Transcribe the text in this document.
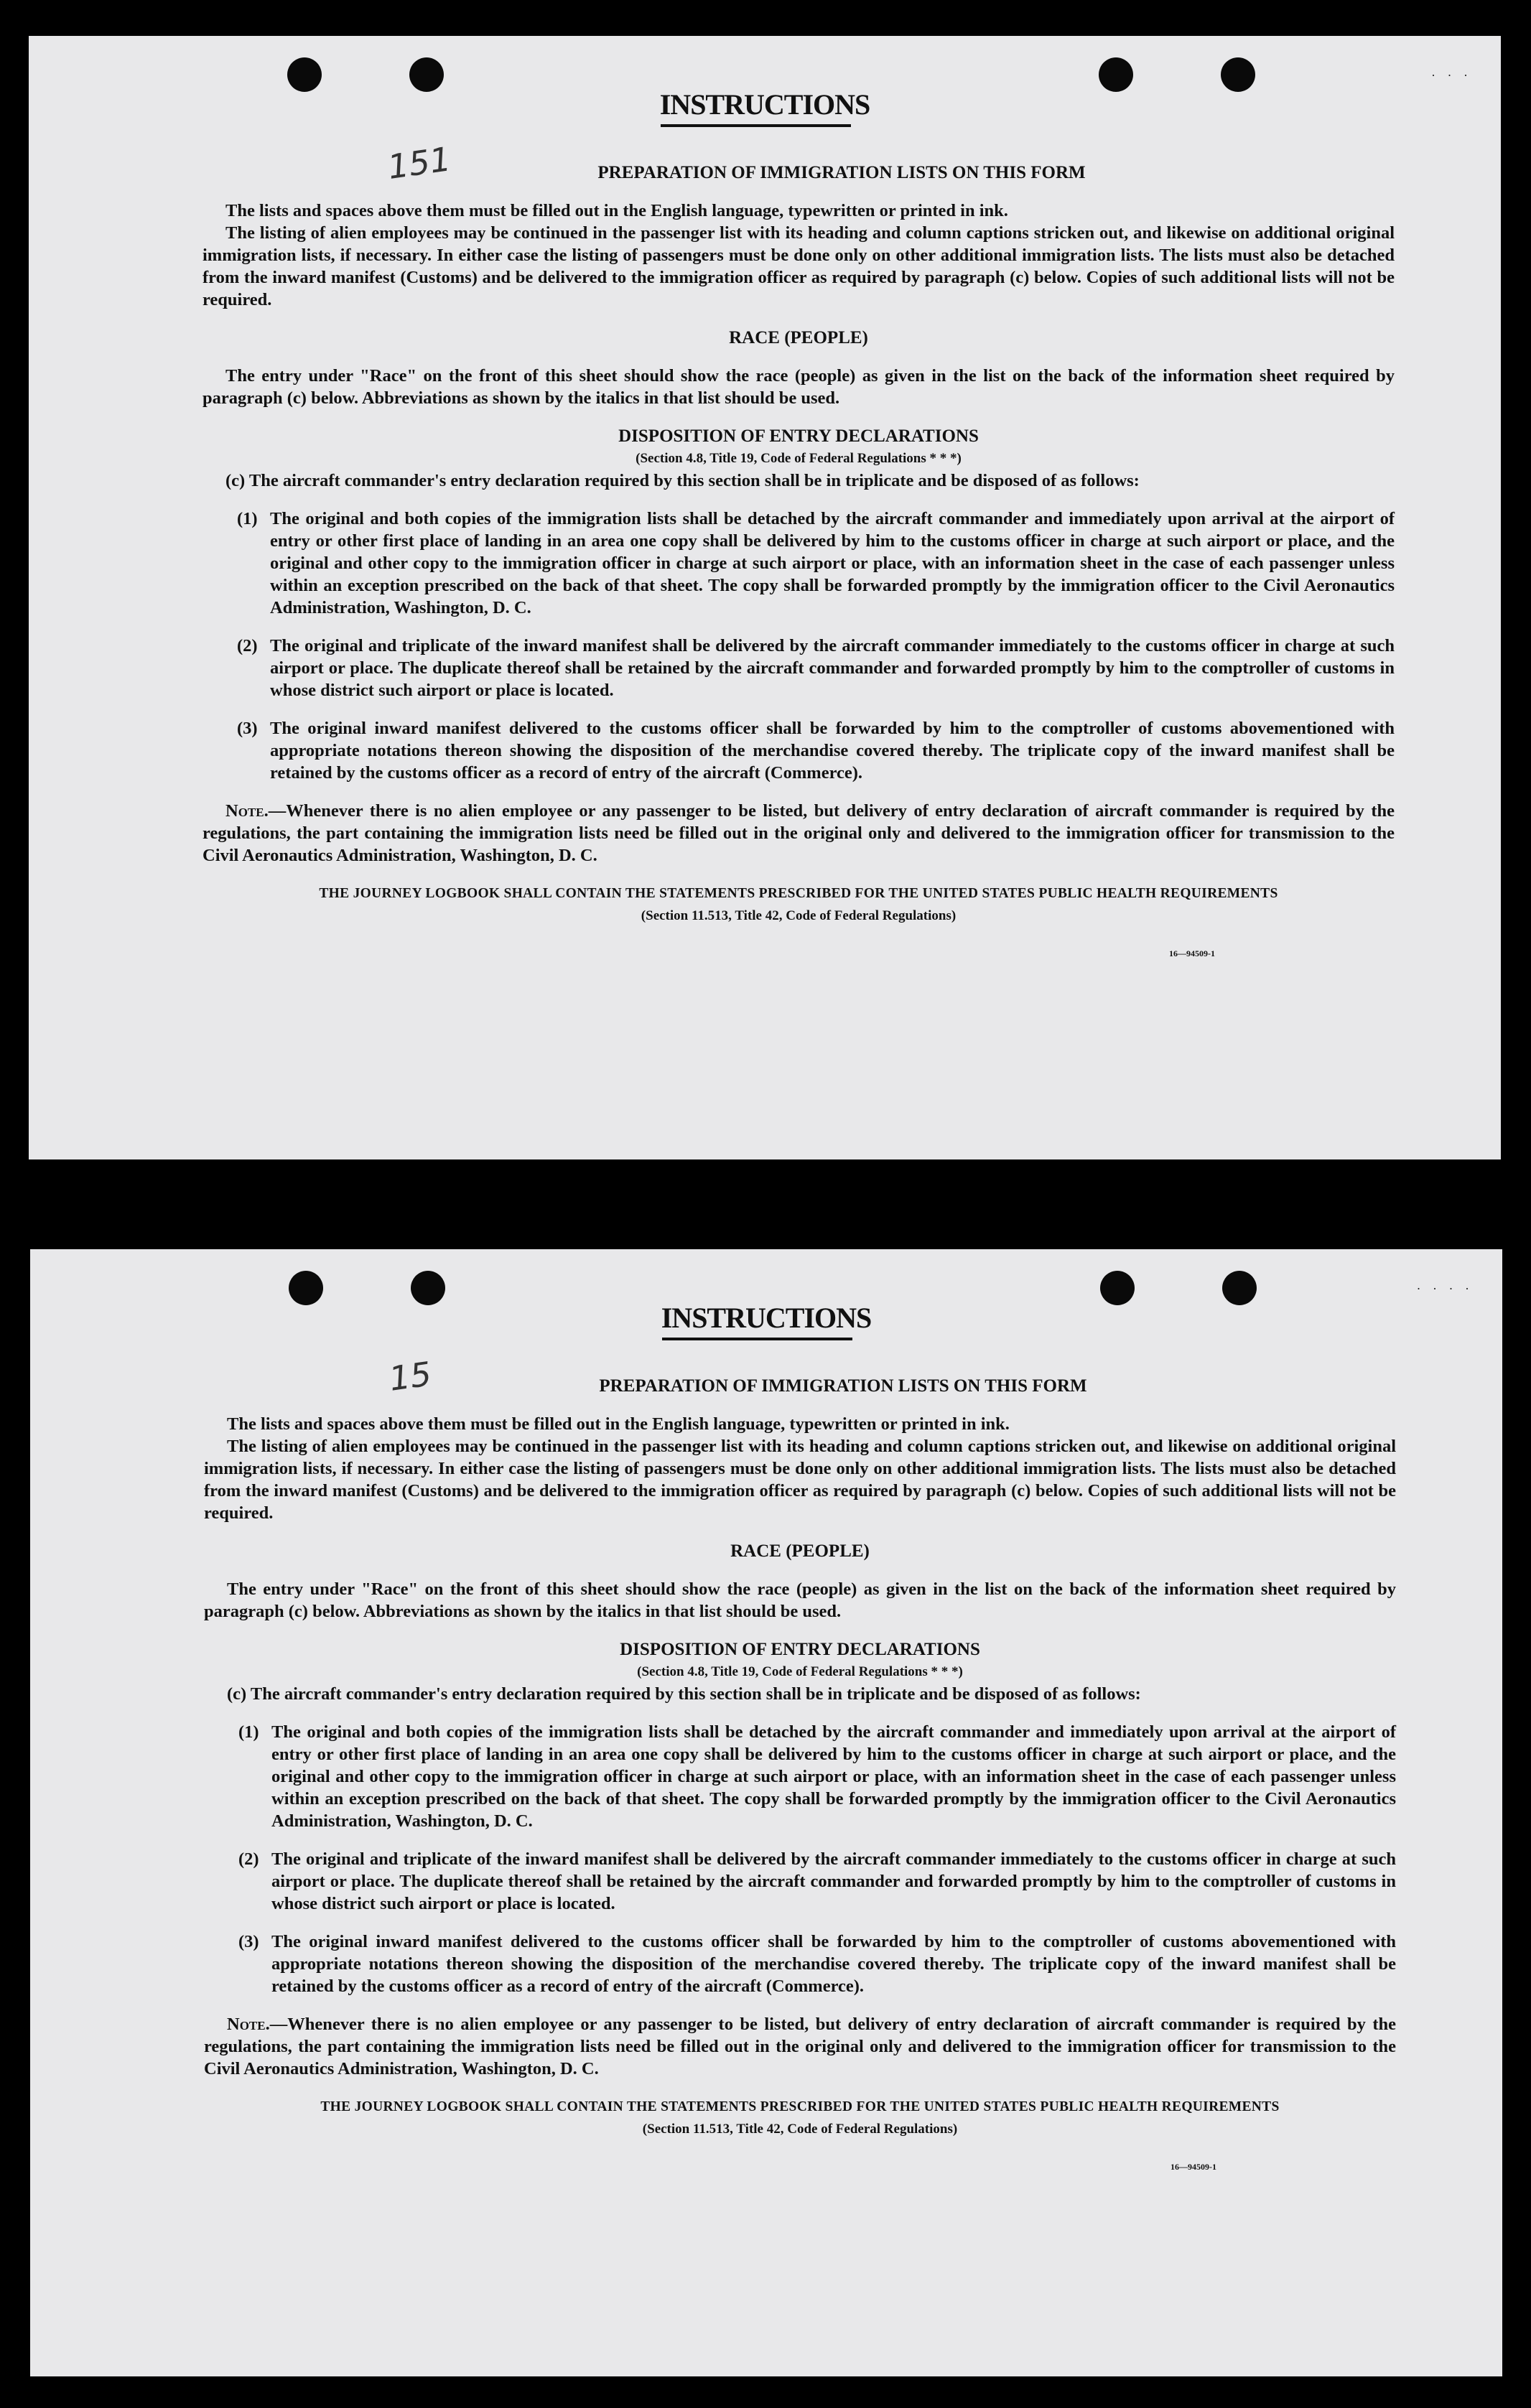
· · ·
INSTRUCTIONS
151	PREPARATION OF IMMIGRATION LISTS ON THIS FORM

The lists and spaces above them must be filled out in the English language, typewritten or printed in ink.

The listing of alien employees may be continued in the passenger list with its heading and column captions stricken out, and likewise on additional original immigration lists, if necessary. In either case the listing of passengers must be done only on other additional immigration lists. The lists must also be detached from the inward manifest (Customs) and be delivered to the immigration officer as required by paragraph (c) below. Copies of such additional lists will not be required.

RACE (PEOPLE)

The entry under "Race" on the front of this sheet should show the race (people) as given in the list on the back of the information sheet required by paragraph (c) below. Abbreviations as shown by the italics in that list should be used.

DISPOSITION OF ENTRY DECLARATIONS

(Section 4.8, Title 19, Code of Federal Regulations * * *)

(c) The aircraft commander's entry declaration required by this section shall be in triplicate and be disposed of as follows:

(1) The original and both copies of the immigration lists shall be detached by the aircraft commander and immediately upon arrival at the airport of entry or other first place of landing in an area one copy shall be delivered by him to the customs officer in charge at such airport or place, and the original and other copy to the immigration officer in charge at such airport or place, with an information sheet in the case of each passenger unless within an exception prescribed on the back of that sheet. The copy shall be forwarded promptly by the immigration officer to the Civil Aeronautics Administration, Washington, D. C.
(2) The original and triplicate of the inward manifest shall be delivered by the aircraft commander immediately to the customs officer in charge at such airport or place. The duplicate thereof shall be retained by the aircraft commander and forwarded promptly by him to the comptroller of customs in whose district such airport or place is located.
(3) The original inward manifest delivered to the customs officer shall be forwarded by him to the comptroller of customs abovementioned with appropriate notations thereon showing the disposition of the merchandise covered thereby. The triplicate copy of the inward manifest shall be retained by the customs officer as a record of entry of the aircraft (Commerce).

Note.—Whenever there is no alien employee or any passenger to be listed, but delivery of entry declaration of aircraft commander is required by the regulations, the part containing the immigration lists need be filled out in the original only and delivered to the immigration officer for transmission to the Civil Aeronautics Administration, Washington, D. C.

THE JOURNEY LOGBOOK SHALL CONTAIN THE STATEMENTS PRESCRIBED FOR THE UNITED STATES PUBLIC HEALTH REQUIREMENTS

(Section 11.513, Title 42, Code of Federal Regulations)

16—94509-1

· · · ·
INSTRUCTIONS
15	PREPARATION OF IMMIGRATION LISTS ON THIS FORM

The lists and spaces above them must be filled out in the English language, typewritten or printed in ink.

The listing of alien employees may be continued in the passenger list with its heading and column captions stricken out, and likewise on additional original immigration lists, if necessary. In either case the listing of passengers must be done only on other additional immigration lists. The lists must also be detached from the inward manifest (Customs) and be delivered to the immigration officer as required by paragraph (c) below. Copies of such additional lists will not be required.

RACE (PEOPLE)

The entry under "Race" on the front of this sheet should show the race (people) as given in the list on the back of the information sheet required by paragraph (c) below. Abbreviations as shown by the italics in that list should be used.

DISPOSITION OF ENTRY DECLARATIONS

(Section 4.8, Title 19, Code of Federal Regulations * * *)

(c) The aircraft commander's entry declaration required by this section shall be in triplicate and be disposed of as follows:

(1) The original and both copies of the immigration lists shall be detached by the aircraft commander and immediately upon arrival at the airport of entry or other first place of landing in an area one copy shall be delivered by him to the customs officer in charge at such airport or place, and the original and other copy to the immigration officer in charge at such airport or place, with an information sheet in the case of each passenger unless within an exception prescribed on the back of that sheet. The copy shall be forwarded promptly by the immigration officer to the Civil Aeronautics Administration, Washington, D. C.
(2) The original and triplicate of the inward manifest shall be delivered by the aircraft commander immediately to the customs officer in charge at such airport or place. The duplicate thereof shall be retained by the aircraft commander and forwarded promptly by him to the comptroller of customs in whose district such airport or place is located.
(3) The original inward manifest delivered to the customs officer shall be forwarded by him to the comptroller of customs abovementioned with appropriate notations thereon showing the disposition of the merchandise covered thereby. The triplicate copy of the inward manifest shall be retained by the customs officer as a record of entry of the aircraft (Commerce).

Note.—Whenever there is no alien employee or any passenger to be listed, but delivery of entry declaration of aircraft commander is required by the regulations, the part containing the immigration lists need be filled out in the original only and delivered to the immigration officer for transmission to the Civil Aeronautics Administration, Washington, D. C.

THE JOURNEY LOGBOOK SHALL CONTAIN THE STATEMENTS PRESCRIBED FOR THE UNITED STATES PUBLIC HEALTH REQUIREMENTS

(Section 11.513, Title 42, Code of Federal Regulations)

16—94509-1
